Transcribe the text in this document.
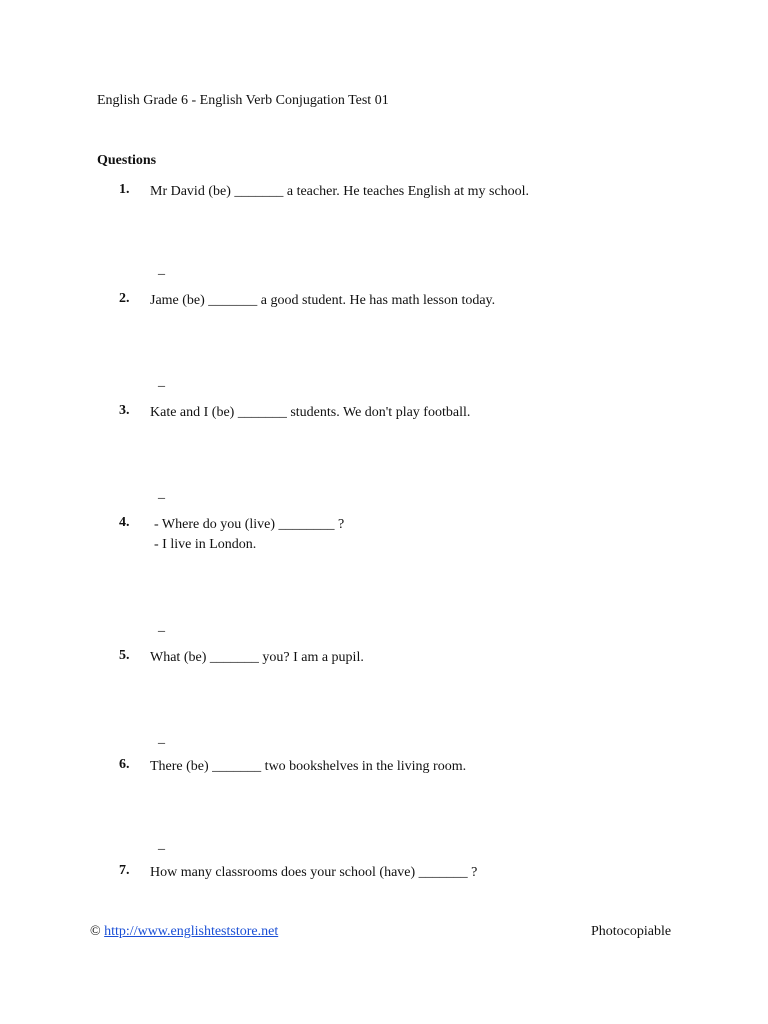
English Grade 6 - English Verb Conjugation Test 01
Questions
1. Mr David (be) _______ a teacher. He teaches English at my school.
_
2. Jame (be) _______ a good student. He has math lesson today.
_
3. Kate and I (be) _______ students. We don't play football.
_
4. - Where do you (live) ________ ?
- I live in London.
_
5. What (be) _______ you? I am a pupil.
_
6. There (be) _______ two bookshelves in the living room.
_
7. How many classrooms does your school (have) _______ ?
© http://www.englishteststore.net	Photocopiable
